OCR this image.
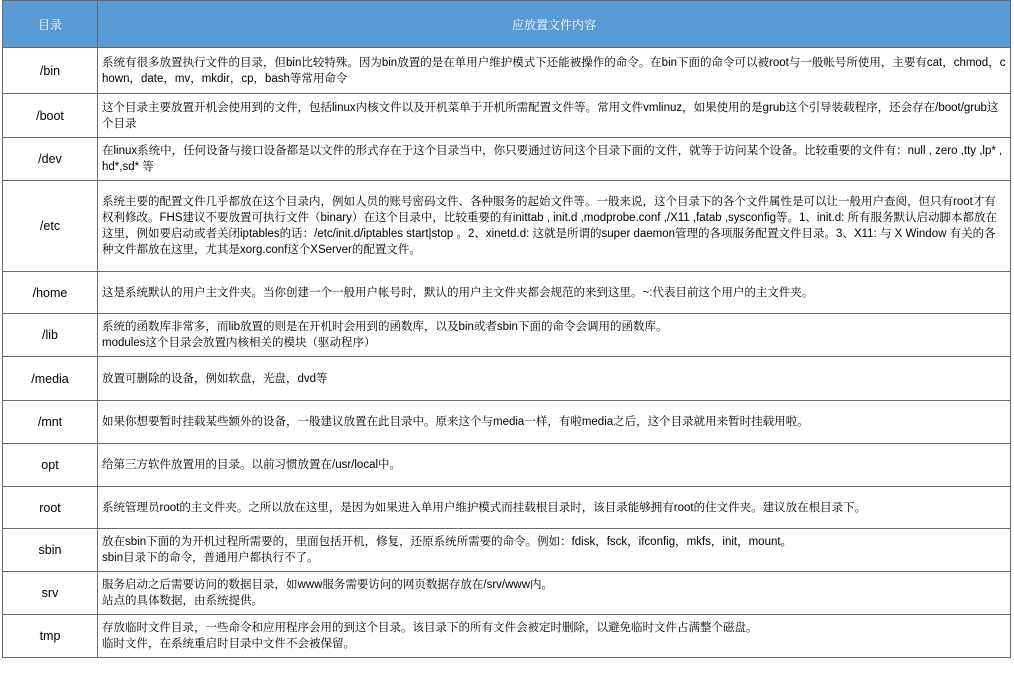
目录	应放置文件内容
/bin	系统有很多放置执行文件的目录，但bin比较特殊。因为bin放置的是在单用户维护模式下还能被操作的命令。在bin下面的命令可以被root与一般帐号所使用，主要有cat，chmod，chown，date，mv，mkdir，cp，bash等常用命令
/boot	这个目录主要放置开机会使用到的文件，包括linux内核文件以及开机菜单于开机所需配置文件等。常用文件vmlinuz，如果使用的是grub这个引导装载程序，还会存在/boot/grub这个目录
/dev	在linux系统中，任何设备与接口设备都是以文件的形式存在于这个目录当中，你只要通过访问这个目录下面的文件，就等于访问某个设备。比较重要的文件有：null , zero ,tty ,lp* ,hd*,sd* 等
/etc	系统主要的配置文件几乎都放在这个目录内，例如人员的账号密码文件、各种服务的起始文件等。一般来说，这个目录下的各个文件属性是可以让一般用户查阅，但只有root才有权利修改。FHS建议不要放置可执行文件（binary）在这个目录中，比较重要的有inittab , init.d ,modprobe.conf ,/X11 ,fatab ,sysconfig等。1、init.d: 所有服务默认启动脚本都放在这里，例如要启动或者关闭iptables的话：/etc/init.d/iptables start|stop 。2、xinetd.d: 这就是所谓的super daemon管理的各项服务配置文件目录。3、X11: 与 X Window 有关的各种文件都放在这里，尤其是xorg.conf这个XServer的配置文件。
/home	这是系统默认的用户主文件夹。当你创建一个一般用户帐号时，默认的用户主文件夹都会规范的来到这里。~:代表目前这个用户的主文件夹。
/lib	系统的函数库非常多，而lib放置的则是在开机时会用到的函数库，以及bin或者sbin下面的命令会调用的函数库。
modules这个目录会放置内核相关的模块（驱动程序）

/media	放置可删除的设备，例如软盘，光盘，dvd等
/mnt	如果你想要暂时挂载某些额外的设备，一般建议放置在此目录中。原来这个与media一样，有啦media之后，这个目录就用来暂时挂载用啦。
opt	给第三方软件放置用的目录。以前习惯放置在/usr/local中。
root	系统管理员root的主文件夹。之所以放在这里，是因为如果进入单用户维护模式而挂载根目录时，该目录能够拥有root的住文件夹。建议放在根目录下。
sbin	放在sbin下面的为开机过程所需要的，里面包括开机，修复，还原系统所需要的命令。例如：fdisk，fsck，ifconfig，mkfs，init，mount。
sbin目录下的命令，普通用户都执行不了。

srv	服务启动之后需要访问的数据目录，如www服务需要访问的网页数据存放在/srv/www内。
站点的具体数据，由系统提供。

tmp	存放临时文件目录，一些命令和应用程序会用的到这个目录。该目录下的所有文件会被定时删除，以避免临时文件占满整个磁盘。
临时文件，在系统重启时目录中文件不会被保留。
